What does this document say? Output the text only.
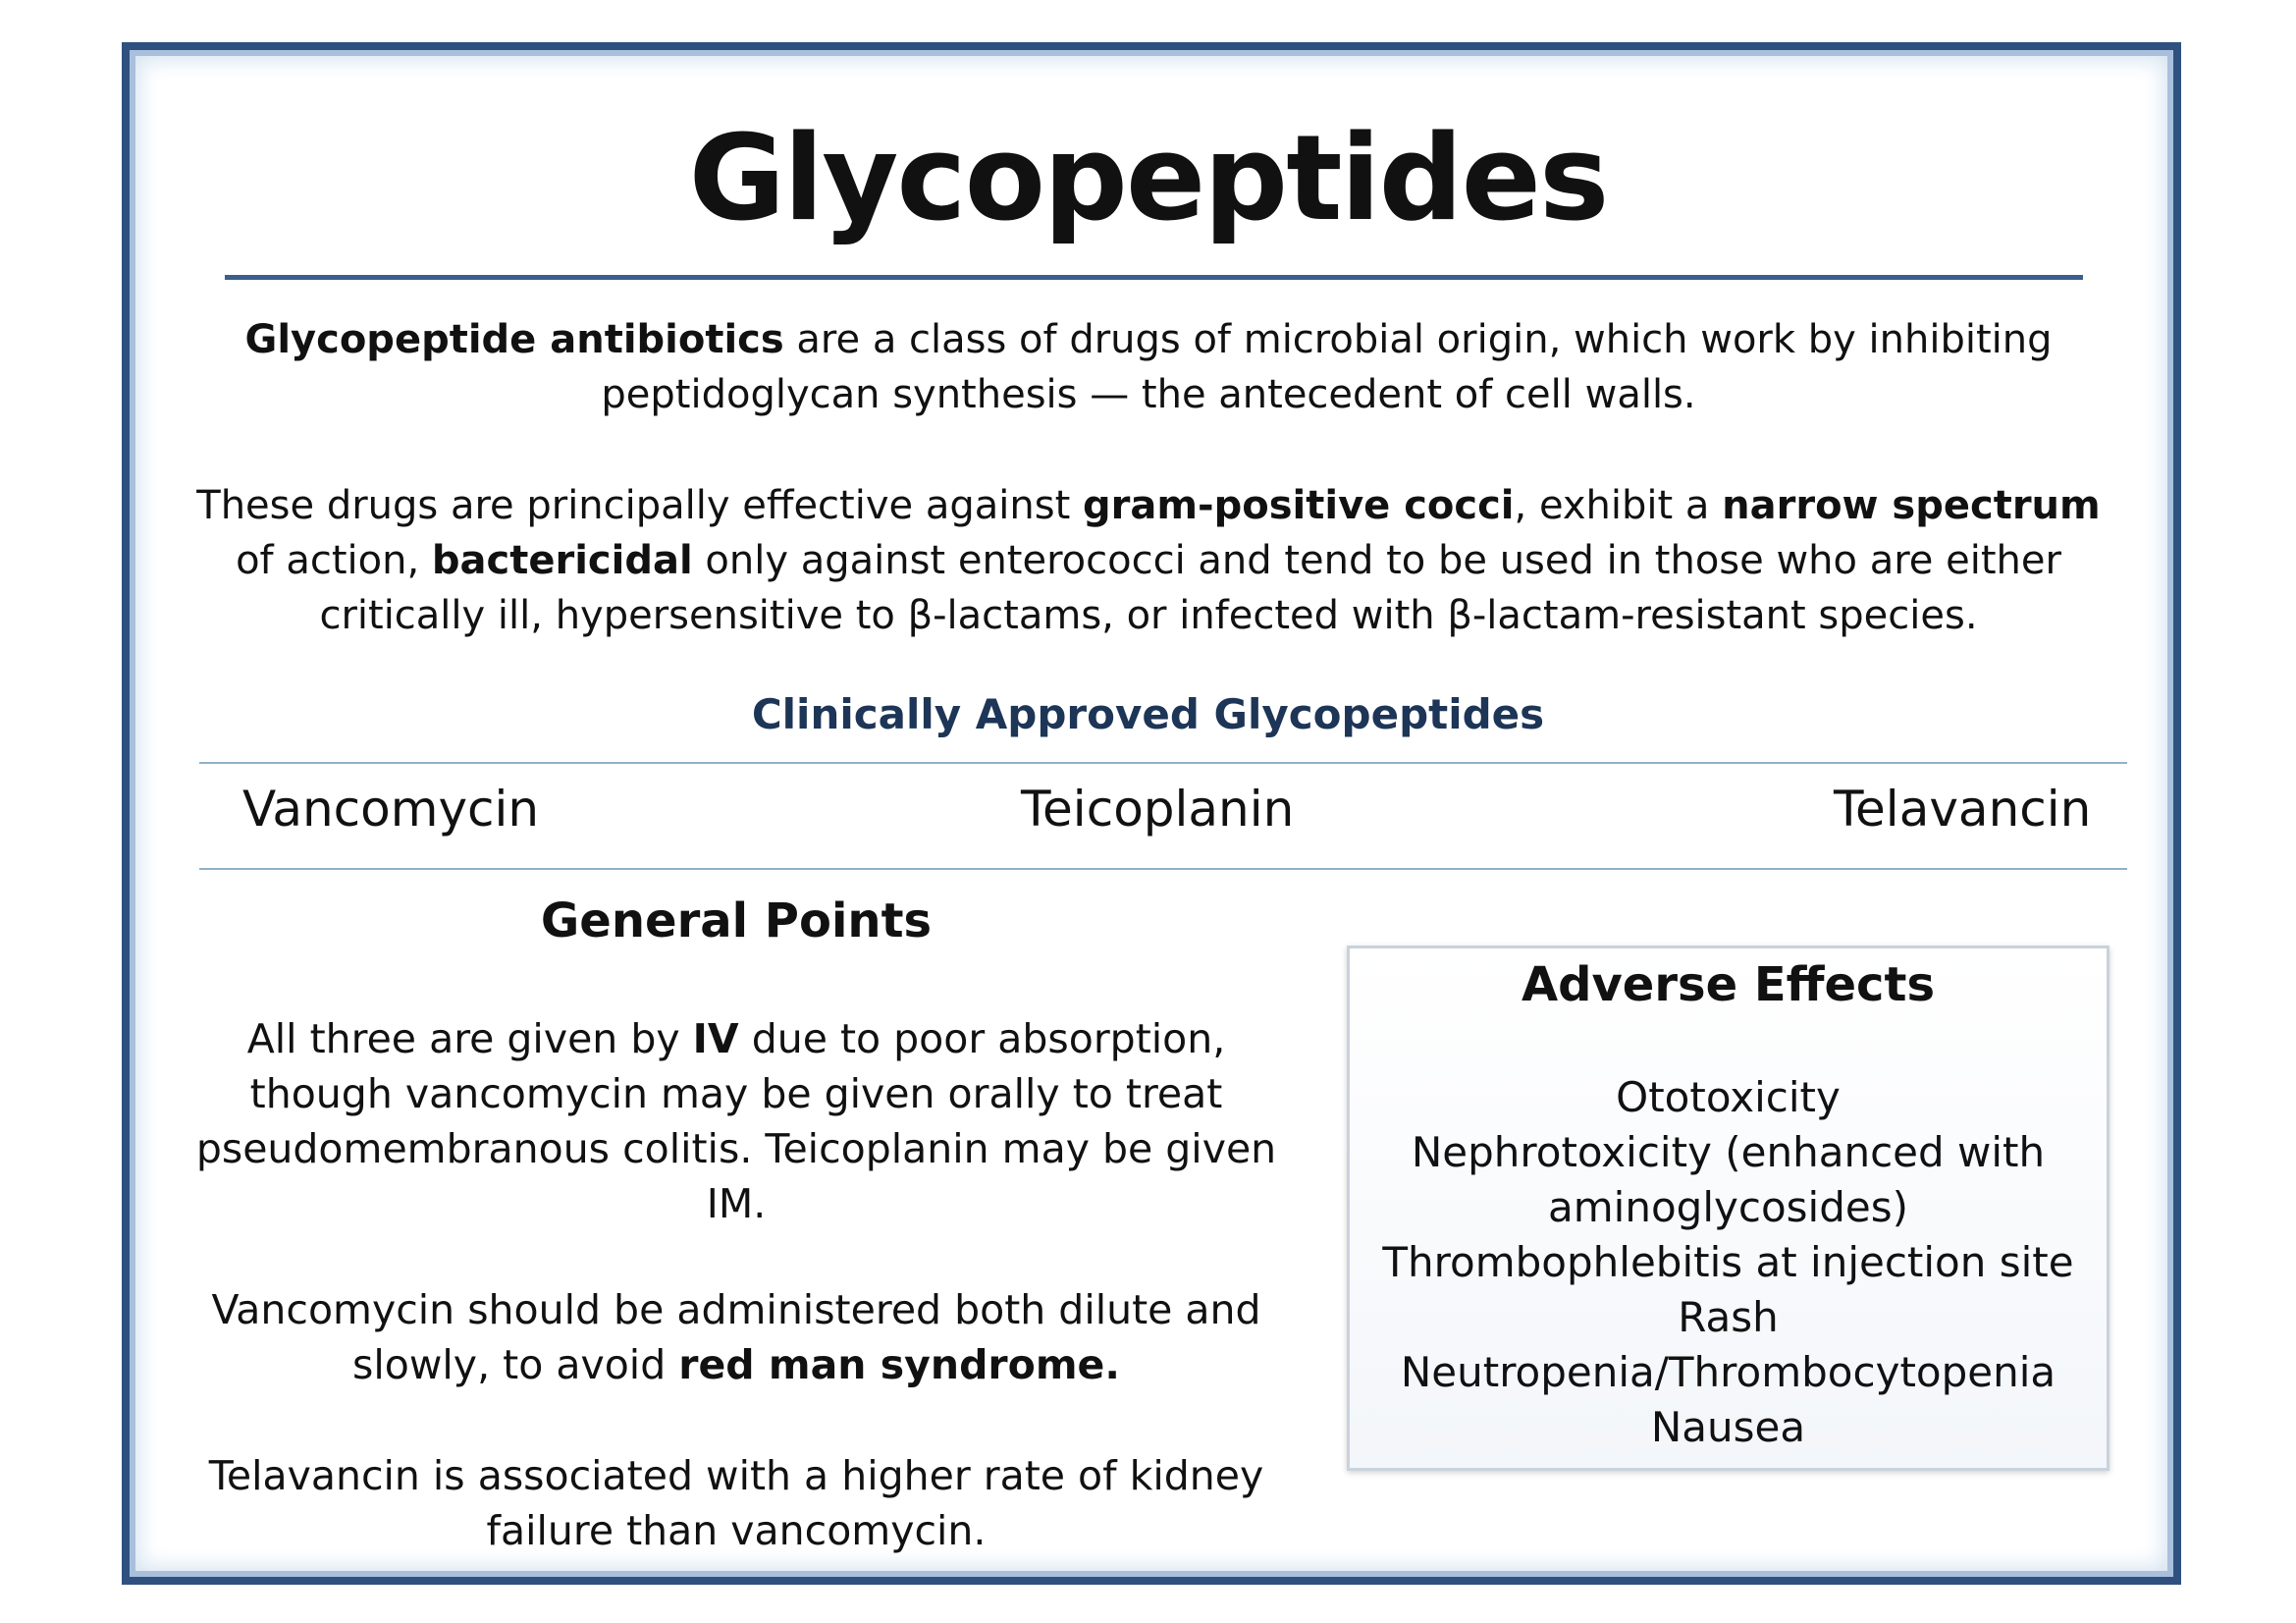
Glycopeptides

Glycopeptide antibiotics are a class of drugs of microbial origin, which work by inhibiting peptidoglycan synthesis — the antecedent of cell walls.

These drugs are principally effective against gram-positive cocci, exhibit a narrow spectrum of action, bactericidal only against enterococci and tend to be used in those who are either critically ill, hypersensitive to β-lactams, or infected with β-lactam-resistant species.

Clinically Approved Glycopeptides
Vancomycin	Teicoplanin	Telavancin
General Points

All three are given by IV due to poor absorption, though vancomycin may be given orally to treat pseudomembranous colitis. Teicoplanin may be given IM.

Vancomycin should be administered both dilute and slowly, to avoid red man syndrome.

Telavancin is associated with a higher rate of kidney failure than vancomycin.

Adverse Effects
Ototoxicity
Nephrotoxicity (enhanced with aminoglycosides)
Thrombophlebitis at injection site
Rash
Neutropenia/Thrombocytopenia
Nausea
